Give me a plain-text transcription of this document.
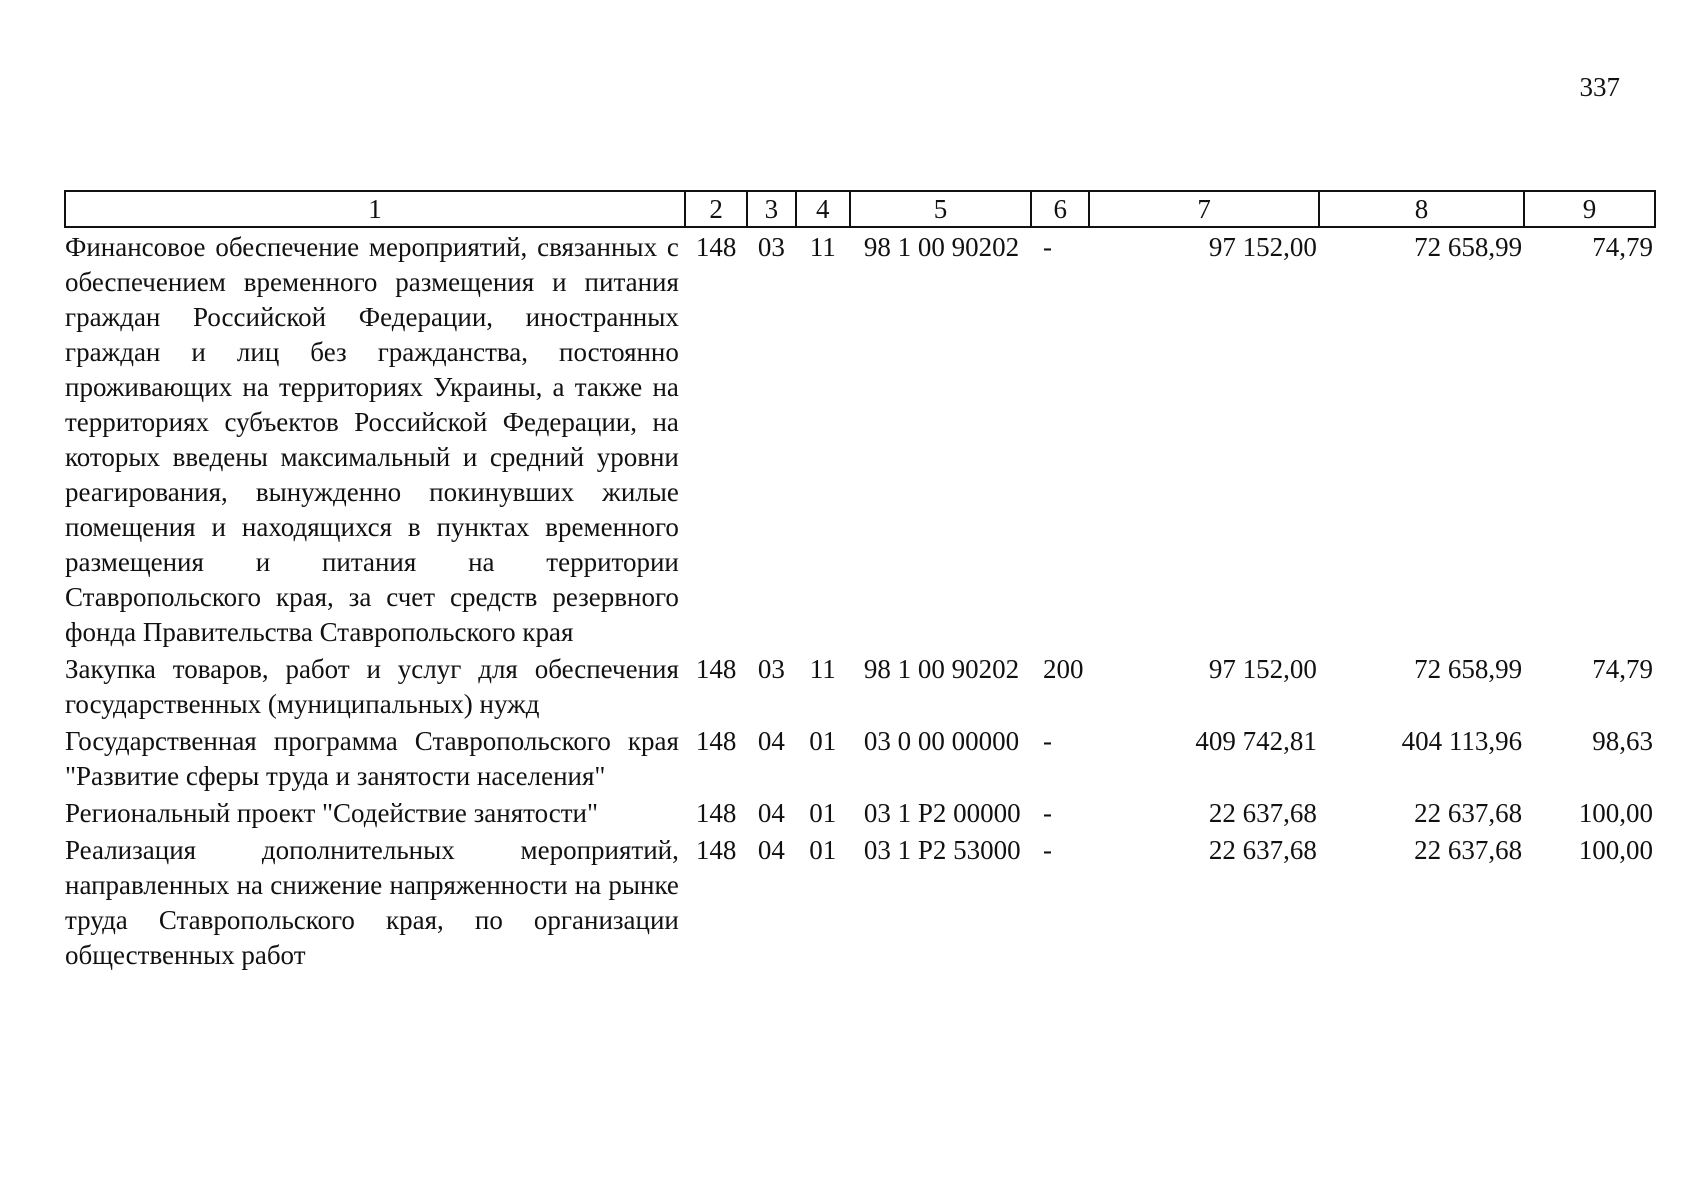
337
1	2	3	4	5	6	7	8	9
Финансовое обеспечение мероприятий, связанных с обеспечением временного размещения и питания граждан Российской Федерации, иностранных граждан и лиц без гражданства, постоянно проживающих на территориях Украины, а также на территориях субъектов Российской Федерации, на которых введены максимальный и средний уровни реагирования, вынужденно покинувших жилые помещения и находящихся в пунктах временного размещения и питания на территории Ставропольского края, за счет средств резервного фонда Правительства Ставропольского края	148	03	11	98 1 00 90202	-	97 152,00	72 658,99	74,79
Закупка товаров, работ и услуг для обеспечения государственных (муниципальных) нужд	148	03	11	98 1 00 90202	200	97 152,00	72 658,99	74,79
Государственная программа Ставропольского края "Развитие сферы труда и занятости населения"	148	04	01	03 0 00 00000	-	409 742,81	404 113,96	98,63
Региональный проект "Содействие занятости"	148	04	01	03 1 P2 00000	-	22 637,68	22 637,68	100,00
Реализация дополнительных мероприятий, направленных на снижение напряженности на рынке труда Ставропольского края, по организации общественных работ	148	04	01	03 1 P2 53000	-	22 637,68	22 637,68	100,00
